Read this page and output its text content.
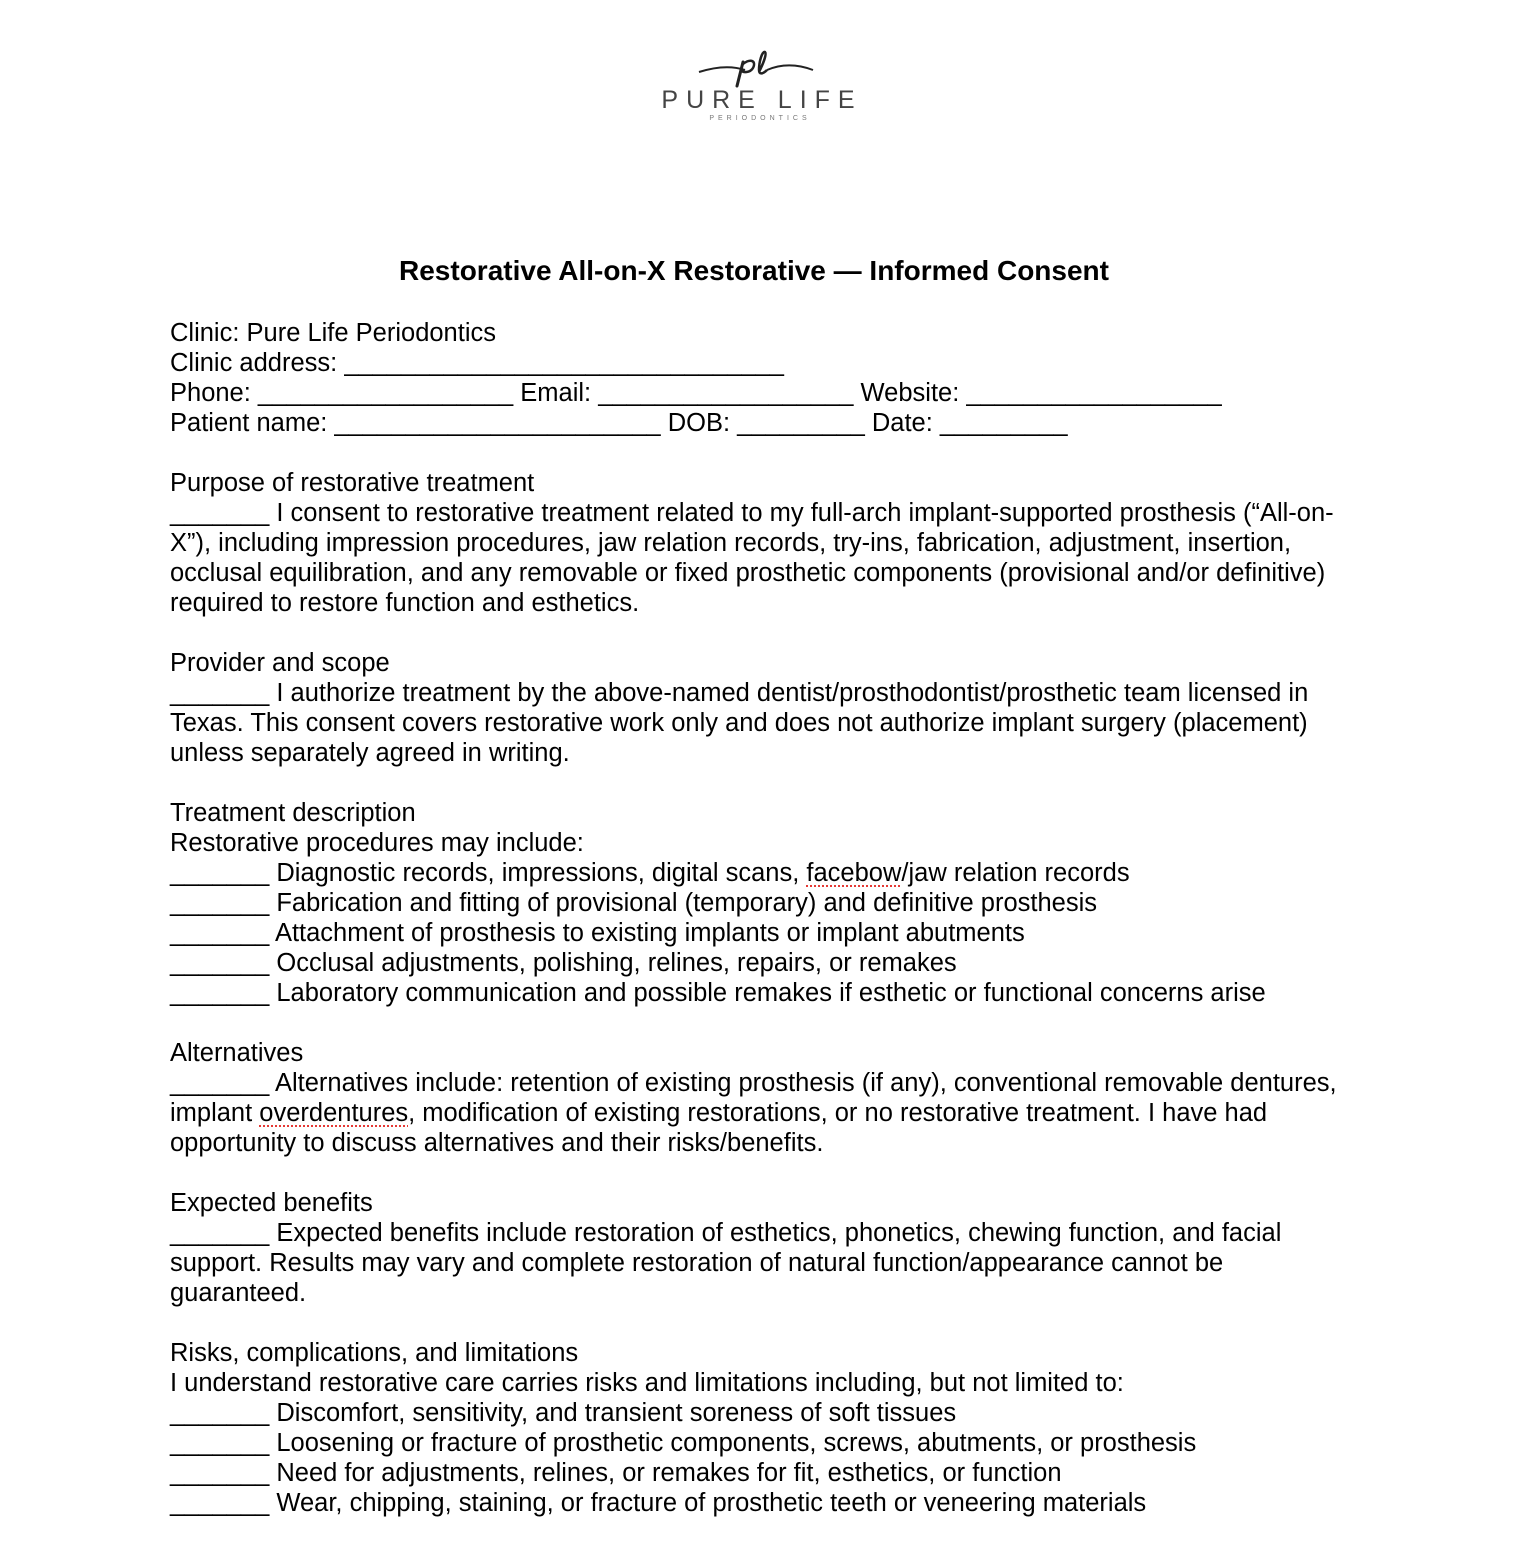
PURE LIFE
PERIODONTICS
Restorative All-on-X Restorative — Informed Consent

Clinic: Pure Life Periodontics

Clinic address: _______________________________

Phone: __________________ Email: __________________ Website: __________________

Patient name: _______________________ DOB: _________ Date: _________

Purpose of restorative treatment

_______ I consent to restorative treatment related to my full-arch implant-supported prosthesis (“All-on-X”), including impression procedures, jaw relation records, try-ins, fabrication, adjustment, insertion, occlusal equilibration, and any removable or fixed prosthetic components (provisional and/or definitive) required to restore function and esthetics.

Provider and scope

_______ I authorize treatment by the above-named dentist/prosthodontist/prosthetic team licensed in Texas. This consent covers restorative work only and does not authorize implant surgery (placement) unless separately agreed in writing.

Treatment description

Restorative procedures may include:

_______ Diagnostic records, impressions, digital scans, facebow/jaw relation records

_______ Fabrication and fitting of provisional (temporary) and definitive prosthesis

_______ Attachment of prosthesis to existing implants or implant abutments

_______ Occlusal adjustments, polishing, relines, repairs, or remakes

_______ Laboratory communication and possible remakes if esthetic or functional concerns arise

Alternatives

_______ Alternatives include: retention of existing prosthesis (if any), conventional removable dentures, implant overdentures, modification of existing restorations, or no restorative treatment. I have had opportunity to discuss alternatives and their risks/benefits.

Expected benefits

_______ Expected benefits include restoration of esthetics, phonetics, chewing function, and facial support. Results may vary and complete restoration of natural function/appearance cannot be guaranteed.

Risks, complications, and limitations

I understand restorative care carries risks and limitations including, but not limited to:

_______ Discomfort, sensitivity, and transient soreness of soft tissues

_______ Loosening or fracture of prosthetic components, screws, abutments, or prosthesis

_______ Need for adjustments, relines, or remakes for fit, esthetics, or function

_______ Wear, chipping, staining, or fracture of prosthetic teeth or veneering materials
